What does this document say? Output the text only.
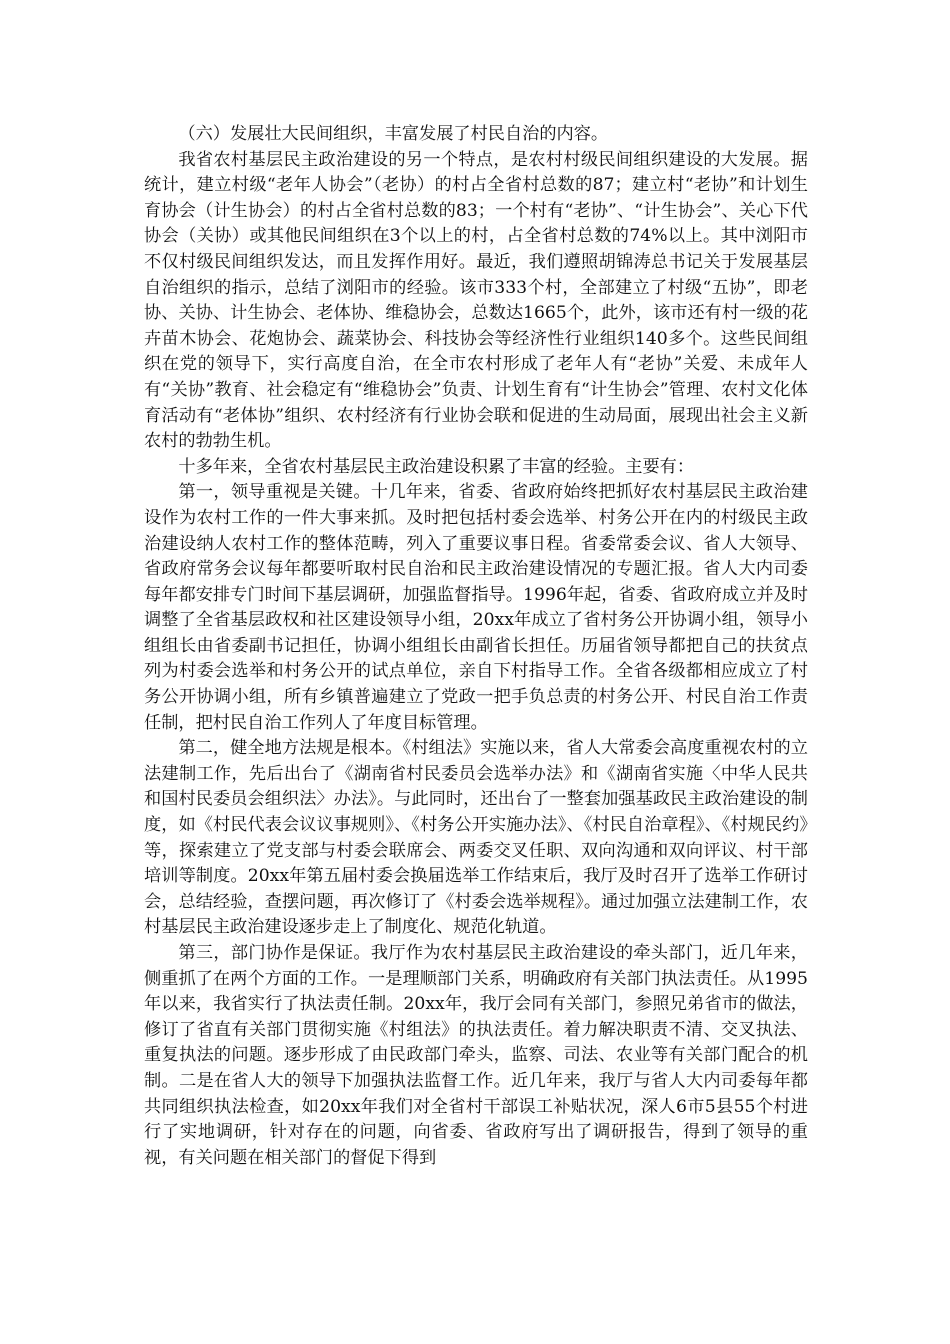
（六）发展壮大民间组织，丰富发展了村民自治的内容。

我省农村基层民主政治建设的另一个特点，是农村村级民间组织建设的大发展。据统计，建立村级“老年人协会”（老协）的村占全省村总数的87；建立村“老协”和计划生育协会（计生协会）的村占全省村总数的83；一个村有“老协”、“计生协会”、关心下代协会（关协）或其他民间组织在3个以上的村，占全省村总数的74%以上。其中浏阳市不仅村级民间组织发达，而且发挥作用好。最近，我们遵照胡锦涛总书记关于发展基层自治组织的指示，总结了浏阳市的经验。该市333个村，全部建立了村级“五协”，即老协、关协、计生协会、老体协、维稳协会，总数达1665个，此外，该市还有村一级的花卉苗木协会、花炮协会、蔬菜协会、科技协会等经济性行业组织140多个。这些民间组织在党的领导下，实行高度自治，在全市农村形成了老年人有“老协”关爱、未成年人有“关协”教育、社会稳定有“维稳协会”负责、计划生育有“计生协会”管理、农村文化体育活动有“老体协”组织、农村经济有行业协会联和促进的生动局面，展现出社会主义新农村的勃勃生机。

十多年来，全省农村基层民主政治建设积累了丰富的经验。主要有：

第一，领导重视是关键。十几年来，省委、省政府始终把抓好农村基层民主政治建设作为农村工作的一件大事来抓。及时把包括村委会选举、村务公开在内的村级民主政治建设纳人农村工作的整体范畴，列入了重要议事日程。省委常委会议、省人大领导、省政府常务会议每年都要听取村民自治和民主政治建设情况的专题汇报。省人大内司委每年都安排专门时间下基层调研，加强监督指导。1996年起，省委、省政府成立并及时调整了全省基层政权和社区建设领导小组，20xx年成立了省村务公开协调小组，领导小组组长由省委副书记担任，协调小组组长由副省长担任。历届省领导都把自己的扶贫点列为村委会选举和村务公开的试点单位，亲自下村指导工作。全省各级都相应成立了村务公开协调小组，所有乡镇普遍建立了党政一把手负总责的村务公开、村民自治工作责任制，把村民自治工作列人了年度目标管理。

第二，健全地方法规是根本。《村组法》实施以来，省人大常委会高度重视农村的立法建制工作，先后出台了《湖南省村民委员会选举办法》和《湖南省实施〈中华人民共和国村民委员会组织法〉办法》。与此同时，还出台了一整套加强基政民主政治建设的制度，如《村民代表会议议事规则》、《村务公开实施办法》、《村民自治章程》、《村规民约》等，探索建立了党支部与村委会联席会、两委交叉任职、双向沟通和双向评议、村干部培训等制度。20xx年第五届村委会换届选举工作结束后，我厅及时召开了选举工作研讨会，总结经验，查摆问题，再次修订了《村委会选举规程》。通过加强立法建制工作，农村基层民主政治建设逐步走上了制度化、规范化轨道。

第三，部门协作是保证。我厅作为农村基层民主政治建设的牵头部门，近几年来，侧重抓了在两个方面的工作。一是理顺部门关系，明确政府有关部门执法责任。从1995年以来，我省实行了执法责任制。20xx年，我厅会同有关部门，参照兄弟省市的做法，修订了省直有关部门贯彻实施《村组法》的执法责任。着力解决职责不清、交叉执法、重复执法的问题。逐步形成了由民政部门牵头，监察、司法、农业等有关部门配合的机制。二是在省人大的领导下加强执法监督工作。近几年来，我厅与省人大内司委每年都共同组织执法检查，如20xx年我们对全省村干部误工补贴状况，深人6市5县55个村进行了实地调研，针对存在的问题，向省委、省政府写出了调研报告，得到了领导的重视，有关问题在相关部门的督促下得到
